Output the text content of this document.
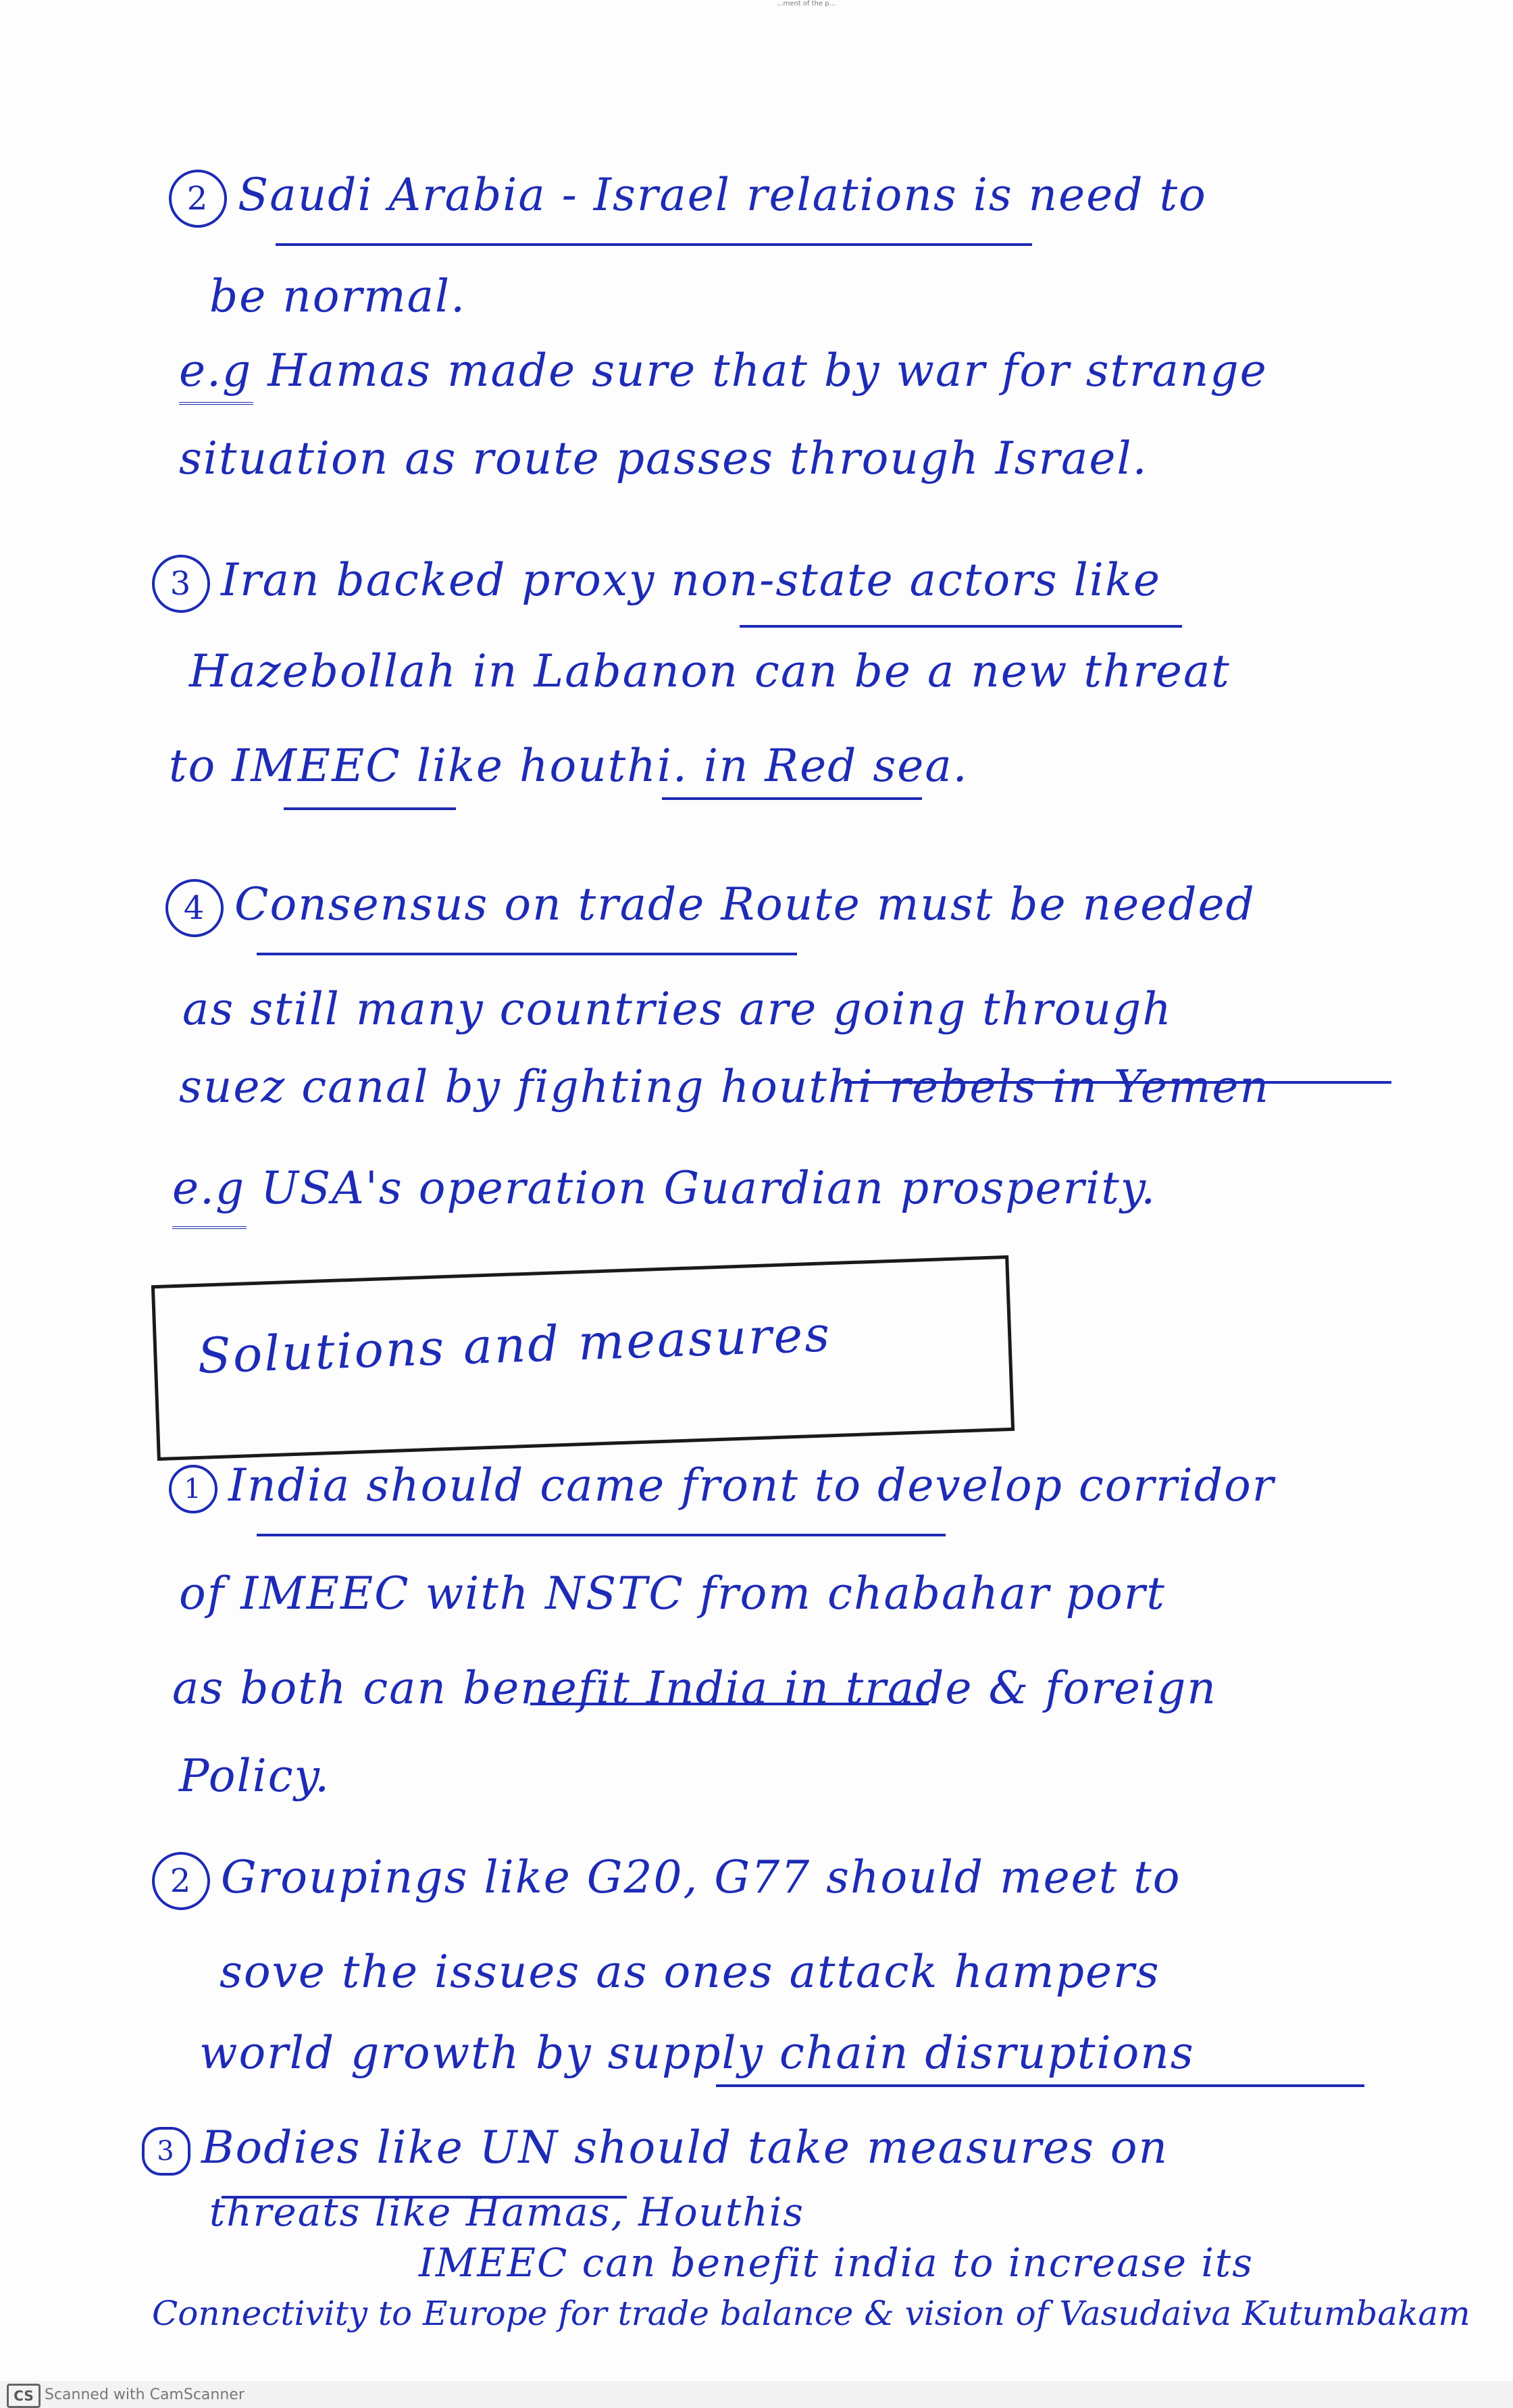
...ment of the p...
2 Saudi Arabia - Israel relations is need to
be normal.
e.g Hamas made sure that by war for strange
situation as route passes through Israel.
3 Iran backed proxy non-state actors like
Hazebollah in Labanon can be a new threat
to IMEEC like houthi. in Red sea.
4 Consensus on trade Route must be needed
as still many countries are going through
suez canal by fighting houthi rebels in Yemen
e.g USA's operation Guardian prosperity.
Solutions and measures
1 India should came front to develop corridor
of IMEEC with NSTC from chabahar port
as both can benefit India in trade & foreign
Policy.
2 Groupings like G20, G77 should meet to
sove the issues as ones attack hampers
world growth by supply chain disruptions
3 Bodies like UN should take measures on
threats like Hamas, Houthis
IMEEC can benefit india to increase its
Connectivity to Europe for trade balance & vision of Vasudaiva Kutumbakam
CS Scanned with CamScanner
